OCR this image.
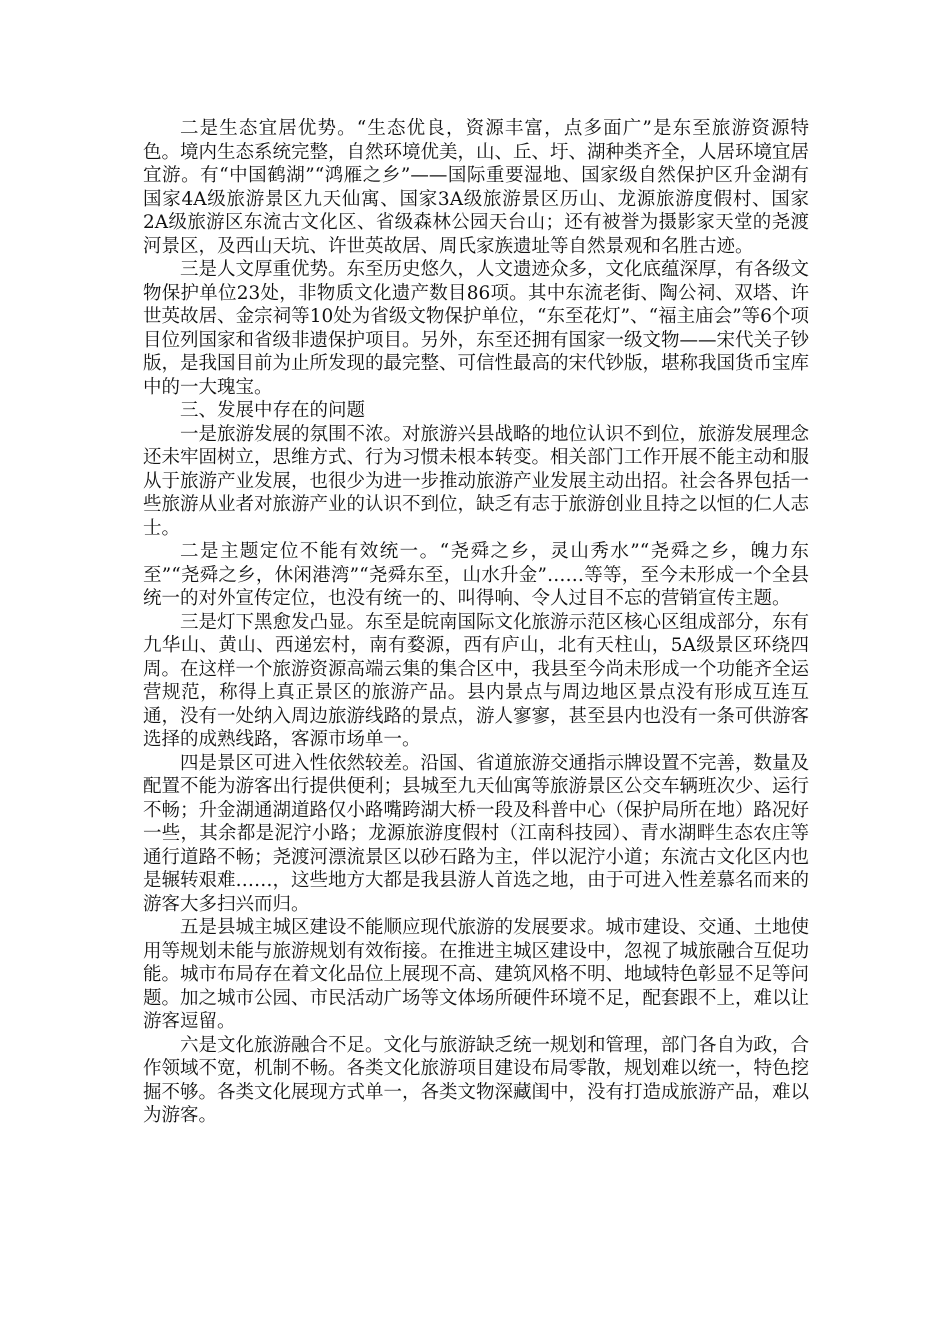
二是生态宜居优势。“生态优良，资源丰富，点多面广”是东至旅游资源特色。境内生态系统完整，自然环境优美，山、丘、圩、湖种类齐全，人居环境宜居宜游。有“中国鹤湖”“鸿雁之乡”——国际重要湿地、国家级自然保护区升金湖有国家4A级旅游景区九天仙寓、国家3A级旅游景区历山、龙源旅游度假村、国家2A级旅游区东流古文化区、省级森林公园天台山；还有被誉为摄影家天堂的尧渡河景区，及西山天坑、许世英故居、周氏家族遗址等自然景观和名胜古迹。

三是人文厚重优势。东至历史悠久，人文遗迹众多，文化底蕴深厚，有各级文物保护单位23处，非物质文化遗产数目86项。其中东流老街、陶公祠、双塔、许世英故居、金宗祠等10处为省级文物保护单位，“东至花灯”、“福主庙会”等6个项目位列国家和省级非遗保护项目。另外，东至还拥有国家一级文物——宋代关子钞版，是我国目前为止所发现的最完整、可信性最高的宋代钞版，堪称我国货币宝库中的一大瑰宝。

三、发展中存在的问题

一是旅游发展的氛围不浓。对旅游兴县战略的地位认识不到位，旅游发展理念还未牢固树立，思维方式、行为习惯未根本转变。相关部门工作开展不能主动和服从于旅游产业发展，也很少为进一步推动旅游产业发展主动出招。社会各界包括一些旅游从业者对旅游产业的认识不到位，缺乏有志于旅游创业且持之以恒的仁人志士。

二是主题定位不能有效统一。“尧舜之乡，灵山秀水”“尧舜之乡，魄力东至”“尧舜之乡，休闲港湾”“尧舜东至，山水升金”……等等，至今未形成一个全县统一的对外宣传定位，也没有统一的、叫得响、令人过目不忘的营销宣传主题。

三是灯下黑愈发凸显。东至是皖南国际文化旅游示范区核心区组成部分，东有九华山、黄山、西递宏村，南有婺源，西有庐山，北有天柱山，5A级景区环绕四周。在这样一个旅游资源高端云集的集合区中，我县至今尚未形成一个功能齐全运营规范，称得上真正景区的旅游产品。县内景点与周边地区景点没有形成互连互通，没有一处纳入周边旅游线路的景点，游人寥寥，甚至县内也没有一条可供游客选择的成熟线路，客源市场单一。

四是景区可进入性依然较差。沿国、省道旅游交通指示牌设置不完善，数量及配置不能为游客出行提供便利；县城至九天仙寓等旅游景区公交车辆班次少、运行不畅；升金湖通湖道路仅小路嘴跨湖大桥一段及科普中心（保护局所在地）路况好一些，其余都是泥泞小路；龙源旅游度假村（江南科技园）、青水湖畔生态农庄等通行道路不畅；尧渡河漂流景区以砂石路为主，伴以泥泞小道；东流古文化区内也是辗转艰难……，这些地方大都是我县游人首选之地，由于可进入性差慕名而来的游客大多扫兴而归。

五是县城主城区建设不能顺应现代旅游的发展要求。城市建设、交通、土地使用等规划未能与旅游规划有效衔接。在推进主城区建设中，忽视了城旅融合互促功能。城市布局存在着文化品位上展现不高、建筑风格不明、地域特色彰显不足等问题。加之城市公园、市民活动广场等文体场所硬件环境不足，配套跟不上，难以让游客逗留。

六是文化旅游融合不足。文化与旅游缺乏统一规划和管理，部门各自为政，合作领域不宽，机制不畅。各类文化旅游项目建设布局零散，规划难以统一，特色挖掘不够。各类文化展现方式单一，各类文物深藏闺中，没有打造成旅游产品，难以为游客。
